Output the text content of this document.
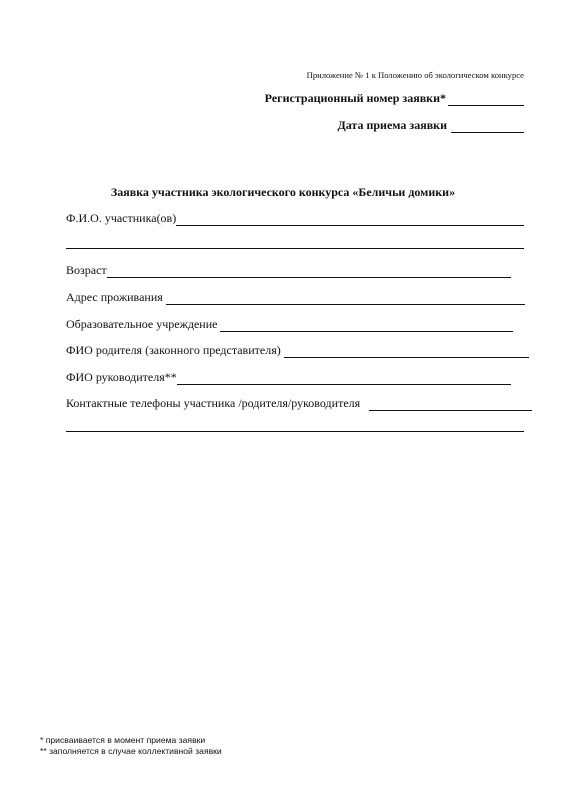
Приложение № 1 к Положению об экологическом конкурсе
Регистрационный номер заявки*
Дата приема заявки
Заявка участника экологического конкурса «Беличьи домики»
Ф.И.О. участника(ов)
Возраст
Адрес проживания
Образовательное учреждение
ФИО родителя (законного представителя)
ФИО руководителя**
Контактные телефоны участника /родителя/руководителя
* присваивается в момент приема заявки
** заполняется в случае коллективной заявки
